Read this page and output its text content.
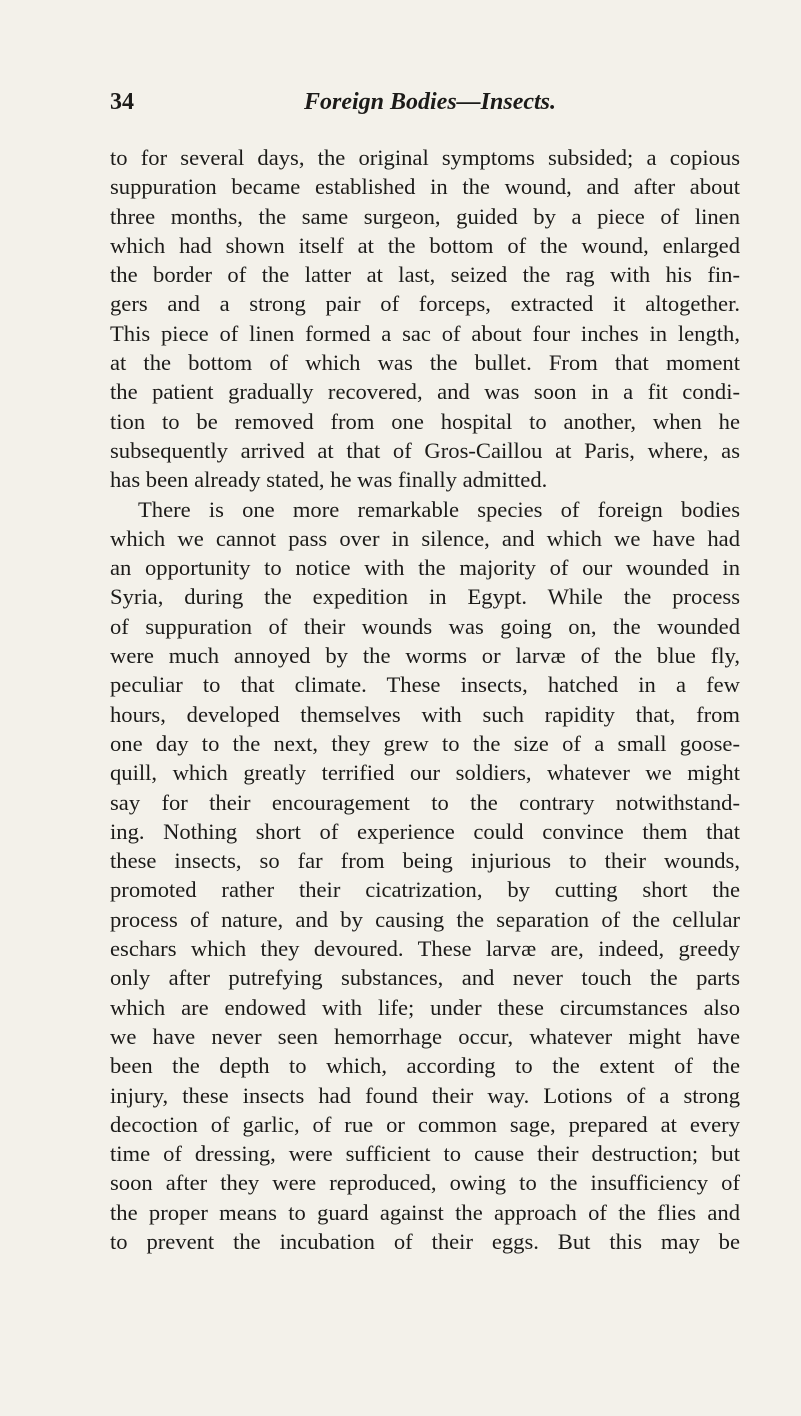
34	Foreign Bodies—Insects.
to for several days, the original symptoms subsided; a copious
suppuration became established in the wound, and after about
three months, the same surgeon, guided by a piece of linen
which had shown itself at the bottom of the wound, enlarged
the border of the latter at last, seized the rag with his fin-
gers and a strong pair of forceps, extracted it altogether.
This piece of linen formed a sac of about four inches in length,
at the bottom of which was the bullet. From that moment
the patient gradually recovered, and was soon in a fit condi-
tion to be removed from one hospital to another, when he
subsequently arrived at that of Gros-Caillou at Paris, where, as
has been already stated, he was finally admitted.
There is one more remarkable species of foreign bodies
which we cannot pass over in silence, and which we have had
an opportunity to notice with the majority of our wounded in
Syria, during the expedition in Egypt. While the process
of suppuration of their wounds was going on, the wounded
were much annoyed by the worms or larvæ of the blue fly,
peculiar to that climate. These insects, hatched in a few
hours, developed themselves with such rapidity that, from
one day to the next, they grew to the size of a small goose-
quill, which greatly terrified our soldiers, whatever we might
say for their encouragement to the contrary notwithstand-
ing. Nothing short of experience could convince them that
these insects, so far from being injurious to their wounds,
promoted rather their cicatrization, by cutting short the
process of nature, and by causing the separation of the cellular
eschars which they devoured. These larvæ are, indeed, greedy
only after putrefying substances, and never touch the parts
which are endowed with life; under these circumstances also
we have never seen hemorrhage occur, whatever might have
been the depth to which, according to the extent of the
injury, these insects had found their way. Lotions of a strong
decoction of garlic, of rue or common sage, prepared at every
time of dressing, were sufficient to cause their destruction; but
soon after they were reproduced, owing to the insufficiency of
the proper means to guard against the approach of the flies and
to prevent the incubation of their eggs. But this may be
